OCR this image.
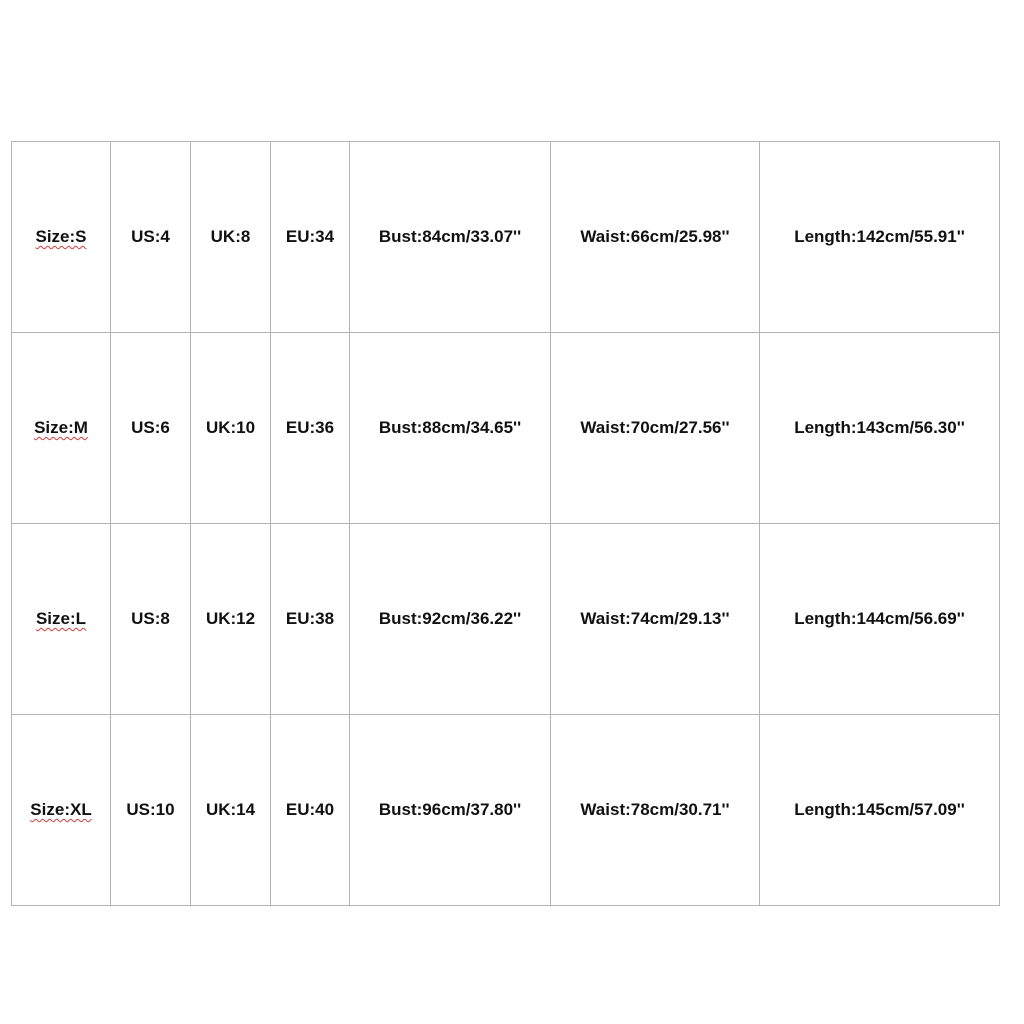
Size:S	US:4	UK:8	EU:34	Bust:84cm/33.07''	Waist:66cm/25.98''	Length:142cm/55.91''
Size:M	US:6	UK:10	EU:36	Bust:88cm/34.65''	Waist:70cm/27.56''	Length:143cm/56.30''
Size:L	US:8	UK:12	EU:38	Bust:92cm/36.22''	Waist:74cm/29.13''	Length:144cm/56.69''
Size:XL	US:10	UK:14	EU:40	Bust:96cm/37.80''	Waist:78cm/30.71''	Length:145cm/57.09''
